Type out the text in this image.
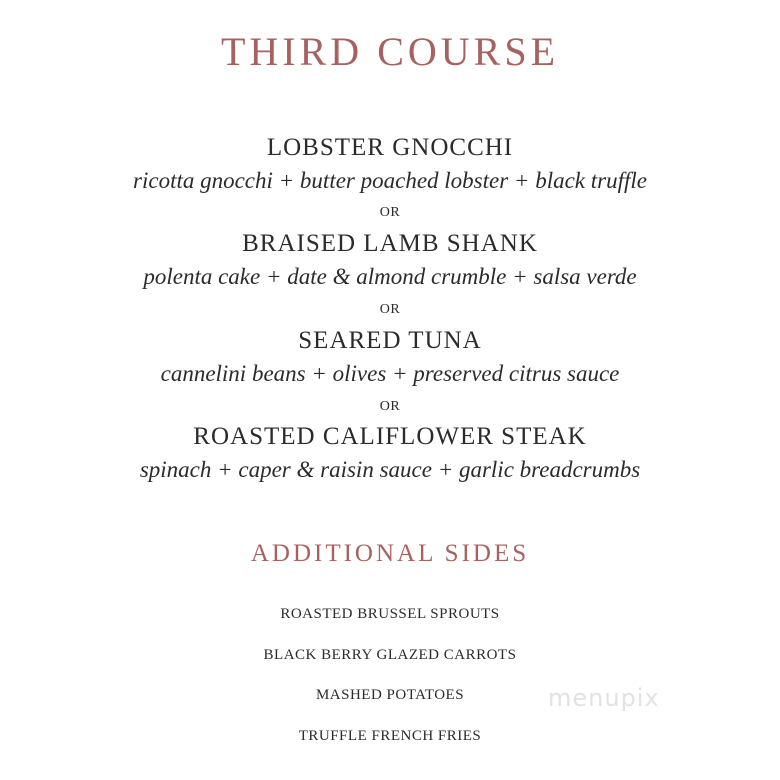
THIRD COURSE
LOBSTER GNOCCHI
ricotta gnocchi + butter poached lobster + black truffle
OR
BRAISED LAMB SHANK
polenta cake + date & almond crumble + salsa verde
OR
SEARED TUNA
cannelini beans + olives + preserved citrus sauce
OR
ROASTED CALIFLOWER STEAK
spinach + caper & raisin sauce + garlic breadcrumbs
ADDITIONAL SIDES
ROASTED BRUSSEL SPROUTS
BLACK BERRY GLAZED CARROTS
MASHED POTATOES
TRUFFLE FRENCH FRIES
menupix
